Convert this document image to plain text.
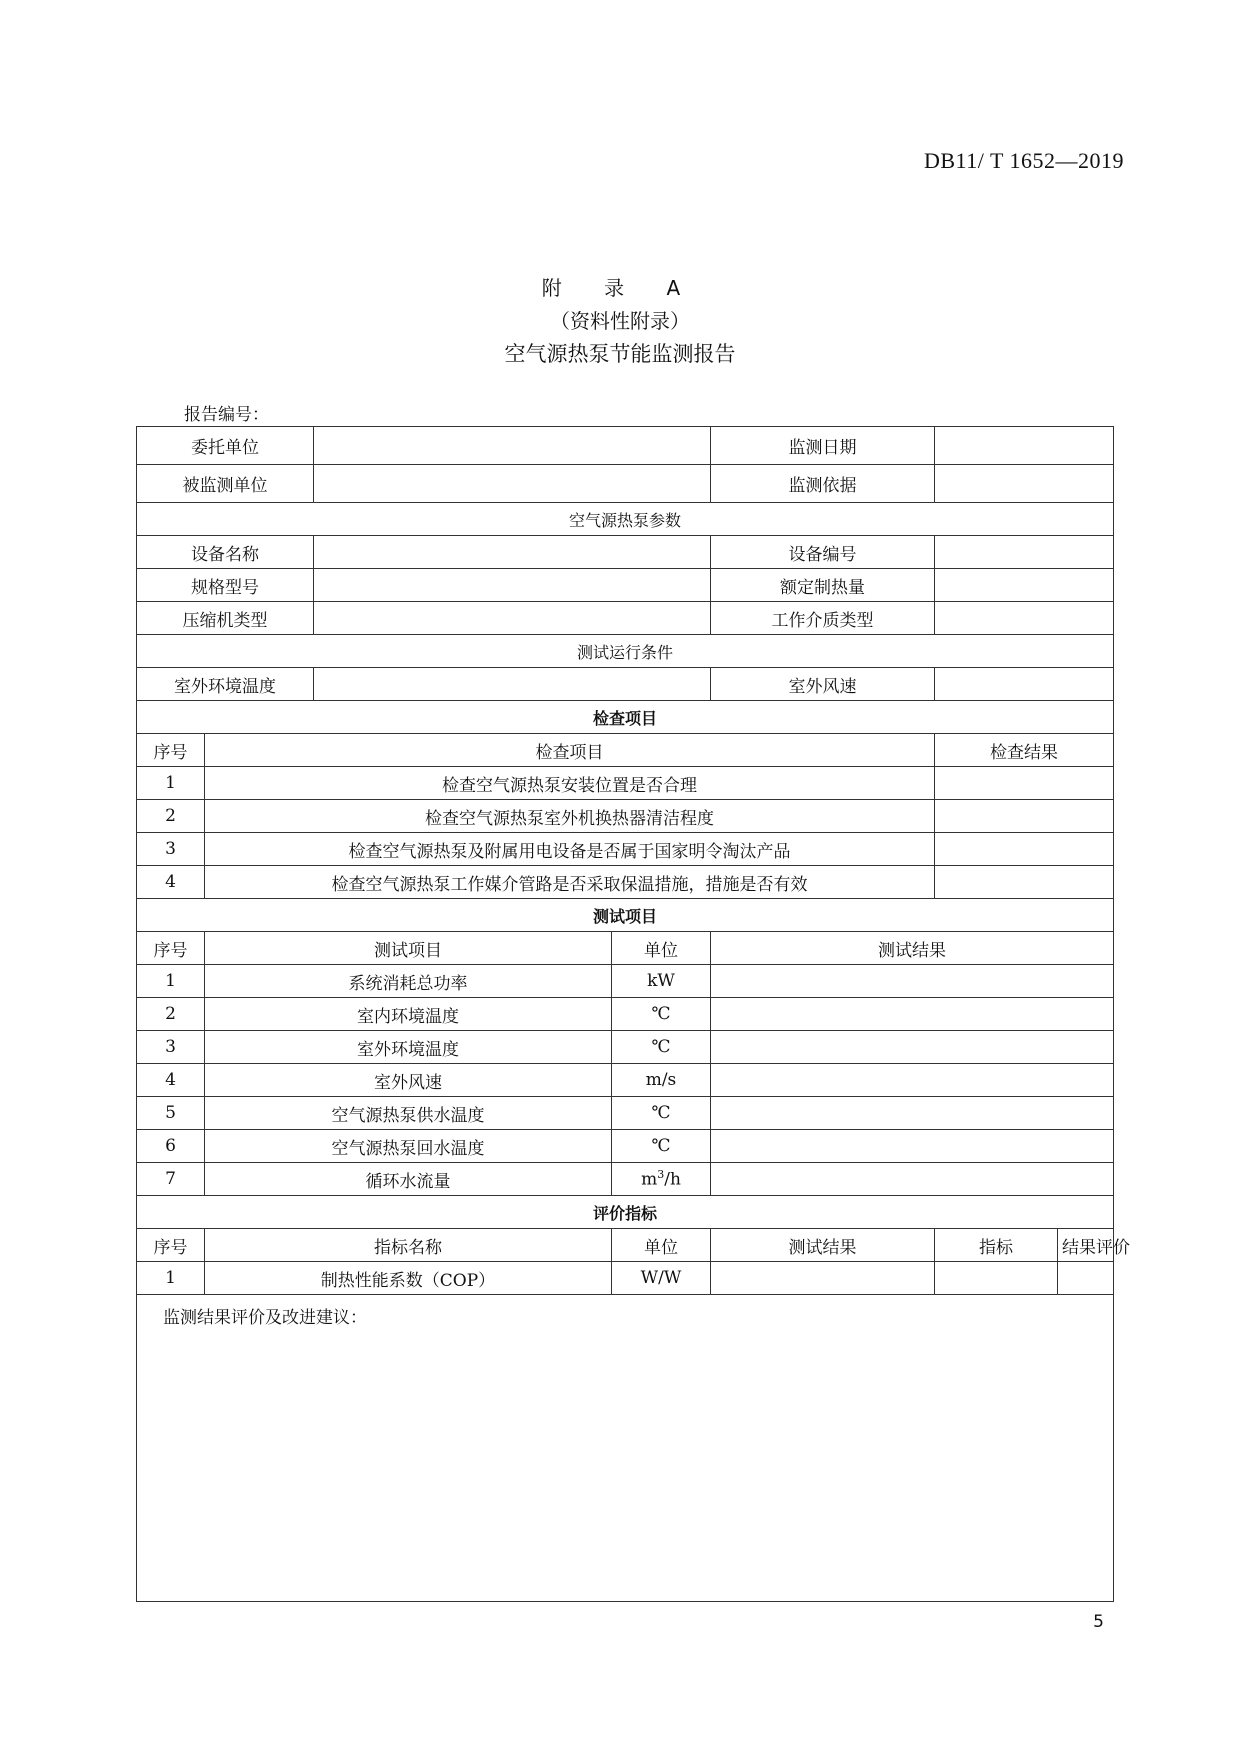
DB11/ T 1652—2019
附 录 A
（资料性附录）
空气源热泵节能监测报告
报告编号：
委托单位				监测日期		
被监测单位				监测依据		
空气源热泵参数						
设备名称				设备编号		
规格型号				额定制热量		
压缩机类型				工作介质类型		
测试运行条件						
室外环境温度				室外风速		
检查项目						
序号	检查项目				检查结果	
1	检查空气源热泵安装位置是否合理					
2	检查空气源热泵室外机换热器清洁程度					
3	检查空气源热泵及附属用电设备是否属于国家明令淘汰产品					
4	检查空气源热泵工作媒介管路是否采取保温措施，措施是否有效					
测试项目						
序号	测试项目		单位	测试结果		
1	系统消耗总功率		kW			
2	室内环境温度		℃			
3	室外环境温度		℃			
4	室外风速		m/s			
5	空气源热泵供水温度		℃			
6	空气源热泵回水温度		℃			
7	循环水流量		$m^3/h$			
评价指标						
序号	指标名称		单位	测试结果	指标	结果评价
1	制热性能系数（COP）		W/W			
监测结果评价及改进建议：						
5
